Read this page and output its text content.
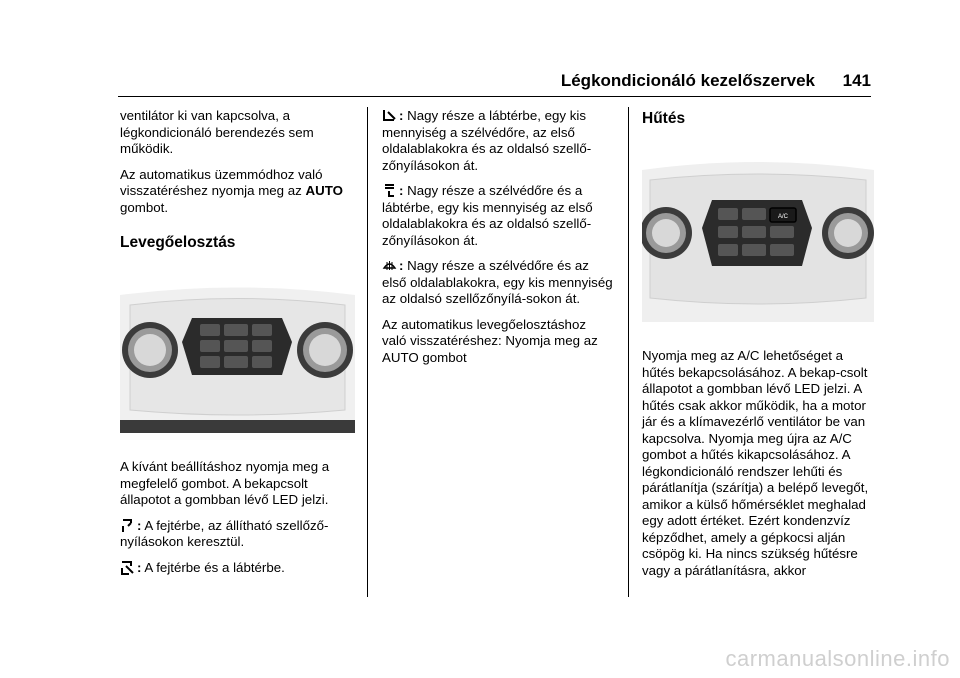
Légkondicionáló kezelőszervek 141

ventilátor ki van kapcsolva, a légkondicionáló berendezés sem működik.

Az automatikus üzemmódhoz való visszatéréshez nyomja meg az AUTO gombot.

Levegőelosztás

A kívánt beállításhoz nyomja meg a megfelelő gombot. A bekapcsolt állapotot a gombban lévő LED jelzi.

: A fejtérbe, az állítható szellőző-nyílásokon keresztül.

: A fejtérbe és a lábtérbe.

: Nagy része a lábtérbe, egy kis mennyiség a szélvédőre, az első oldalablakokra és az oldalsó szellő-zőnyílásokon át.

: Nagy része a szélvédőre és a lábtérbe, egy kis mennyiség az első oldalablakokra és az oldalsó szellő-zőnyílásokon át.

: Nagy része a szélvédőre és az első oldalablakokra, egy kis mennyiség az oldalsó szellőzőnyílá-sokon át.

Az automatikus levegőelosztáshoz való visszatéréshez: Nyomja meg az AUTO gombot

Hűtés
A/C

Nyomja meg az A/C lehetőséget a hűtés bekapcsolásához. A bekap-csolt állapotot a gombban lévő LED jelzi. A hűtés csak akkor működik, ha a motor jár és a klímavezérlő ventilátor be van kapcsolva. Nyomja meg újra az A/C gombot a hűtés kikapcsolásához. A légkondicionáló rendszer lehűti és párátlanítja (szárítja) a belépő levegőt, amikor a külső hőmérséklet meghalad egy adott értéket. Ezért kondenzvíz képződhet, amely a gépkocsi alján csöpög ki. Ha nincs szükség hűtésre vagy a párátlanításra, akkor

carmanualsonline.info
